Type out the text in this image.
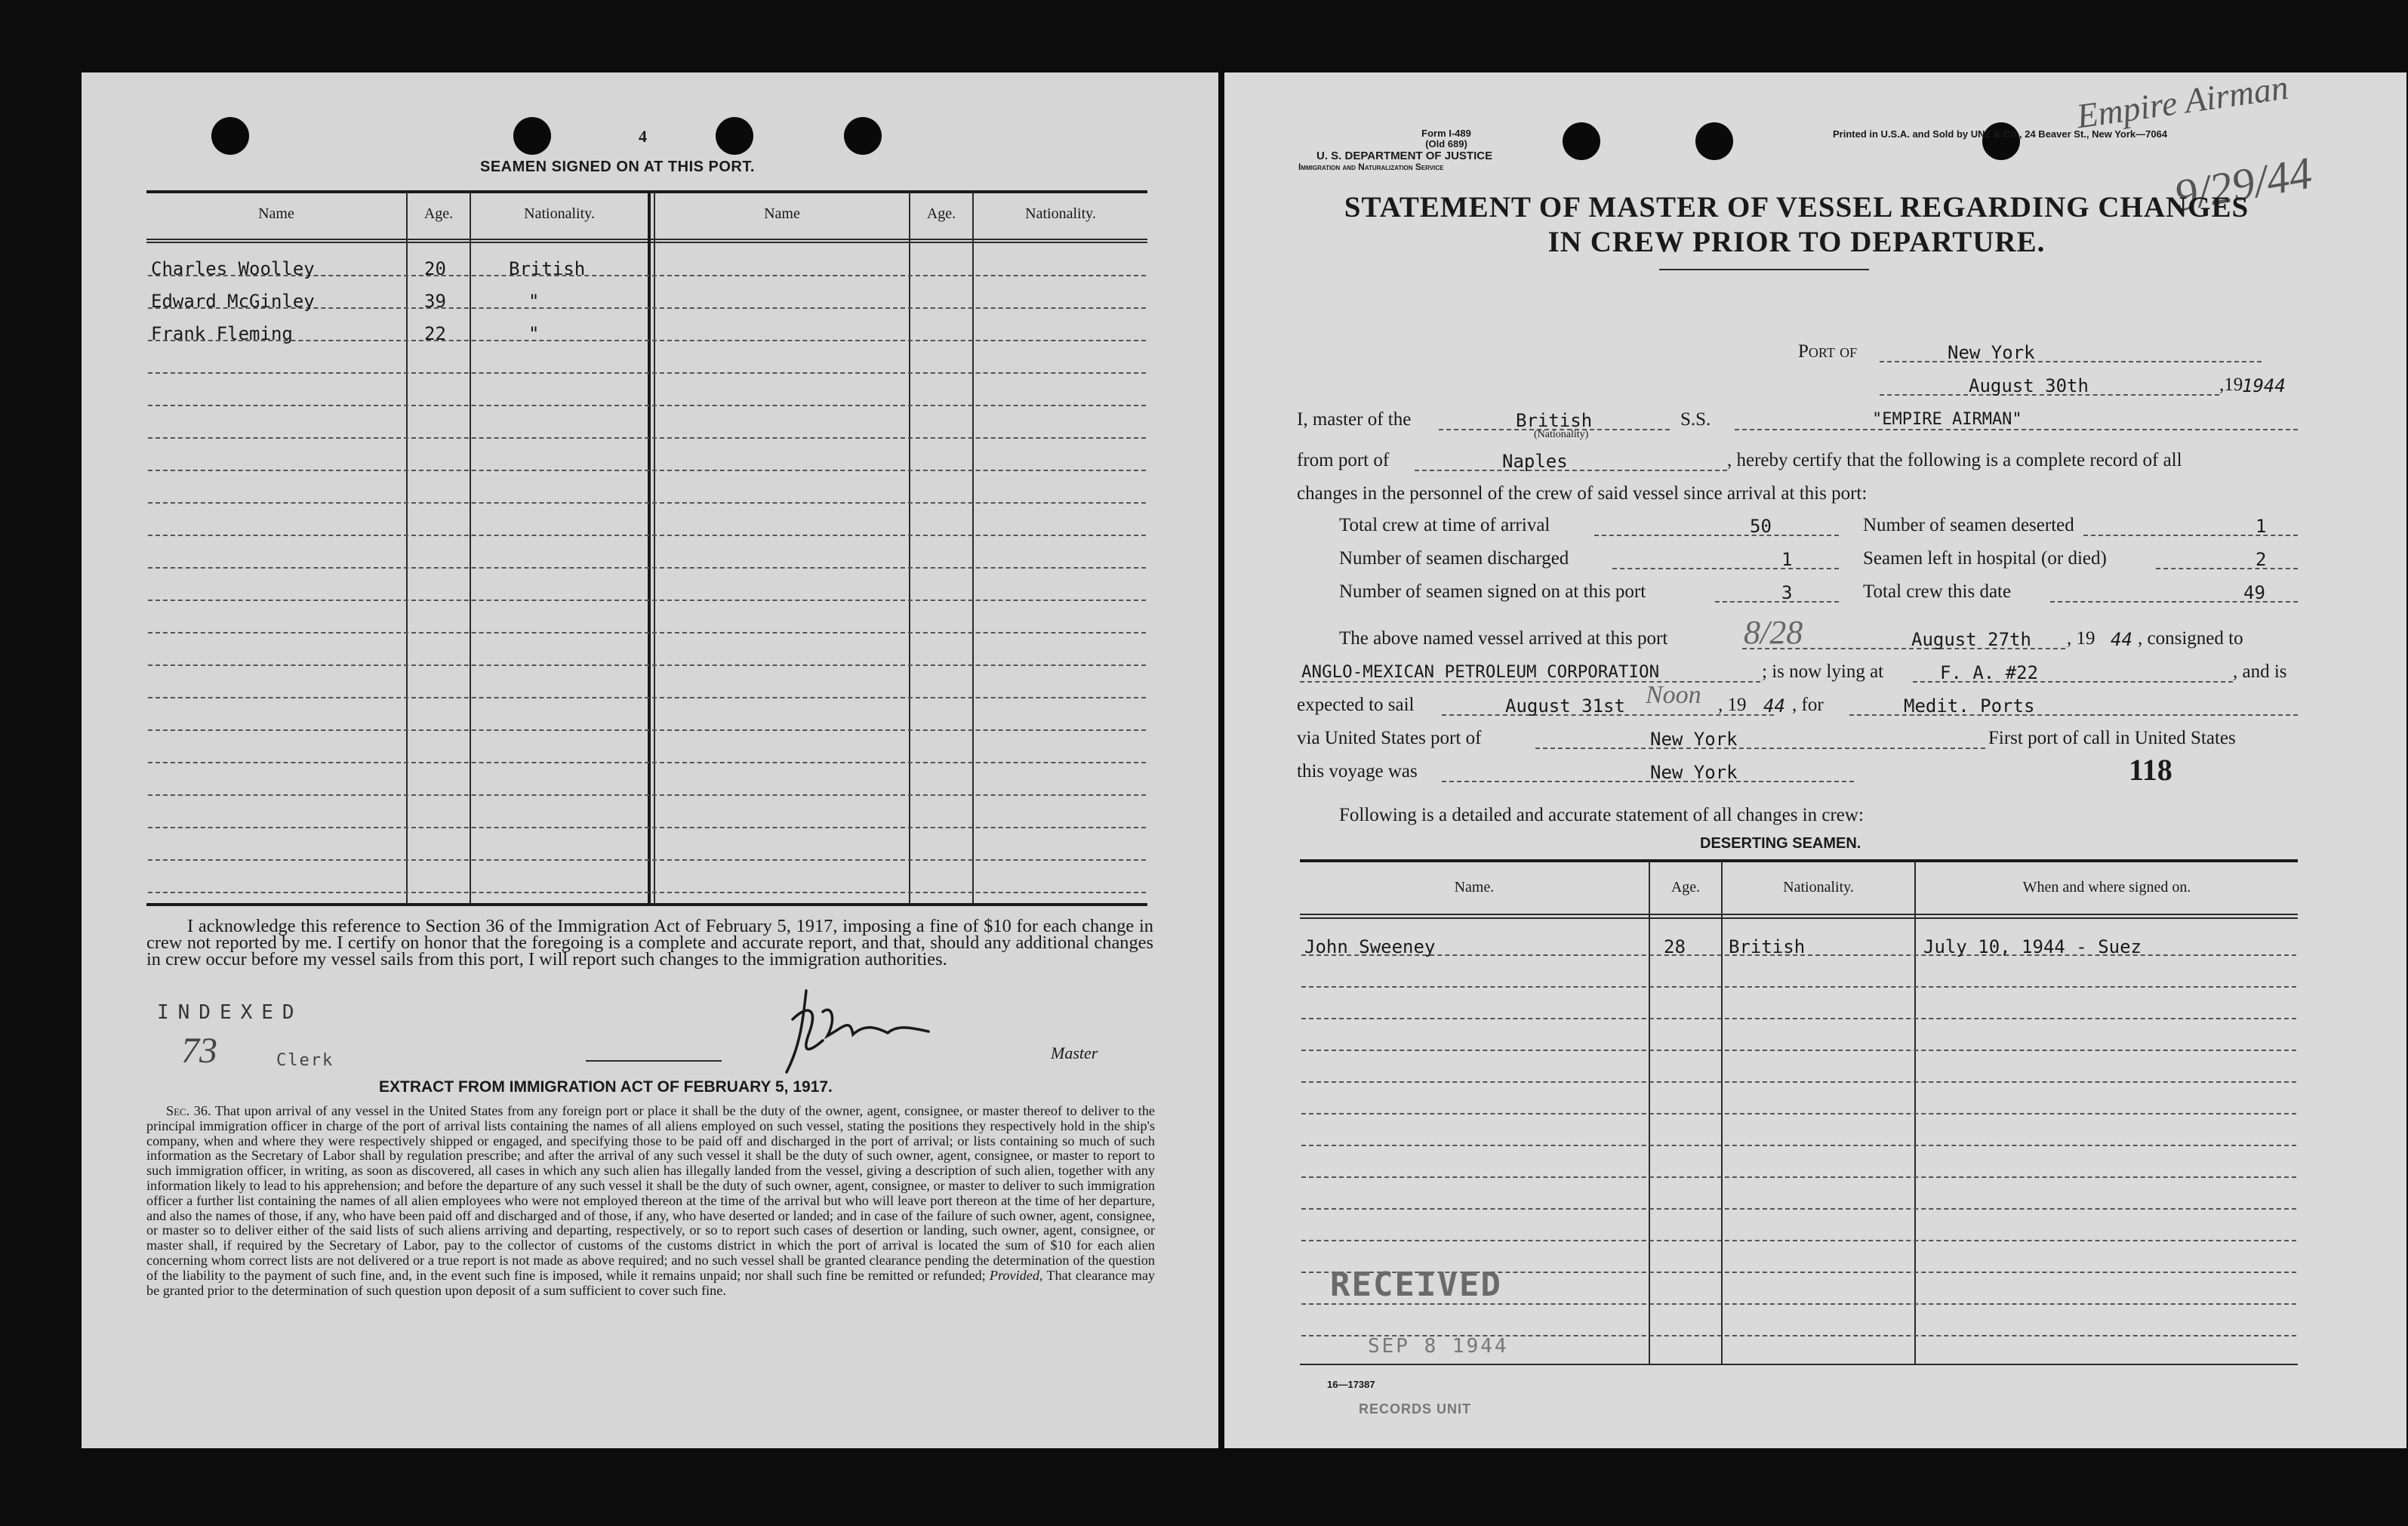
4
SEAMEN SIGNED ON AT THIS PORT.
Name	Age.	Nationality.	Name	Age.	Nationality.
Charles Woolley	20	British
Edward McGinley	39	"
Frank Fleming	22	"
I acknowledge this reference to Section 36 of the Immigration Act of February 5, 1917, imposing a fine of $10 for each change in crew not reported by me. I certify on honor that the foregoing is a complete and accurate report, and that, should any additional changes in crew occur before my vessel sails from this port, I will report such changes to the immigration authorities.
INDEXED
73	Clerk	Master
EXTRACT FROM IMMIGRATION ACT OF FEBRUARY 5, 1917.
Sec. 36. That upon arrival of any vessel in the United States from any foreign port or place it shall be the duty of the owner, agent, consignee, or master thereof to deliver to the principal immigration officer in charge of the port of arrival lists containing the names of all aliens employed on such vessel, stating the positions they respectively hold in the ship's company, when and where they were respectively shipped or engaged, and specifying those to be paid off and discharged in the port of arrival; or lists containing so much of such information as the Secretary of Labor shall by regulation prescribe; and after the arrival of any such vessel it shall be the duty of such owner, agent, consignee, or master to report to such immigration officer, in writing, as soon as discovered, all cases in which any such alien has illegally landed from the vessel, giving a description of such alien, together with any information likely to lead to his apprehension; and before the departure of any such vessel it shall be the duty of such owner, agent, consignee, or master to deliver to such immigration officer a further list containing the names of all alien employees who were not employed thereon at the time of the arrival but who will leave port thereon at the time of her departure, and also the names of those, if any, who have been paid off and discharged and of those, if any, who have deserted or landed; and in case of the failure of such owner, agent, consignee, or master so to deliver either of the said lists of such aliens arriving and departing, respectively, or so to report such cases of desertion or landing, such owner, agent, consignee, or master shall, if required by the Secretary of Labor, pay to the collector of customs of the customs district in which the port of arrival is located the sum of $10 for each alien concerning whom correct lists are not delivered or a true report is not made as above required; and no such vessel shall be granted clearance pending the determination of the question of the liability to the payment of such fine, and, in the event such fine is imposed, while it remains unpaid; nor shall such fine be remitted or refunded; Provided, That clearance may be granted prior to the determination of such question upon deposit of a sum sufficient to cover such fine.
Form I-489
(Old 689)
U. S. DEPARTMENT OF JUSTICE
Immigration and Naturalization Service
Printed in U.S.A. and Sold by UNZ & Co., 24 Beaver St., New York—7064
Empire Airman
9/29/44
STATEMENT OF MASTER OF VESSEL REGARDING CHANGES
IN CREW PRIOR TO DEPARTURE.
Port of	New York
August 30th	,19
1944
I, master of the	British
(Nationality)
S.S.	"EMPIRE AIRMAN"
from port of	Naples	, hereby certify that the following is a complete record of all
changes in the personnel of the crew of said vessel since arrival at this port:
Total crew at time of arrival	50	Number of seamen deserted	1
Number of seamen discharged	1	Seamen left in hospital (or died)	2
Number of seamen signed on at this port	3	Total crew this date	49
The above named vessel arrived at this port 8/28	August 27th , 19 44 , consigned to
ANGLO-MEXICAN PETROLEUM CORPORATION	; is now lying at	F. A. #22	, and is
expected to sail	August 31st Noon , 19 44 , for	Medit. Ports
via United States port of	New York	First port of call in United States
this voyage was	New York	118
Following is a detailed and accurate statement of all changes in crew:
DESERTING SEAMEN.
Name.	Age.	Nationality.	When and where signed on.
John Sweeney	28 British	July 10, 1944 - Suez
RECEIVED
SEP 8 1944
16—17387
RECORDS UNIT
